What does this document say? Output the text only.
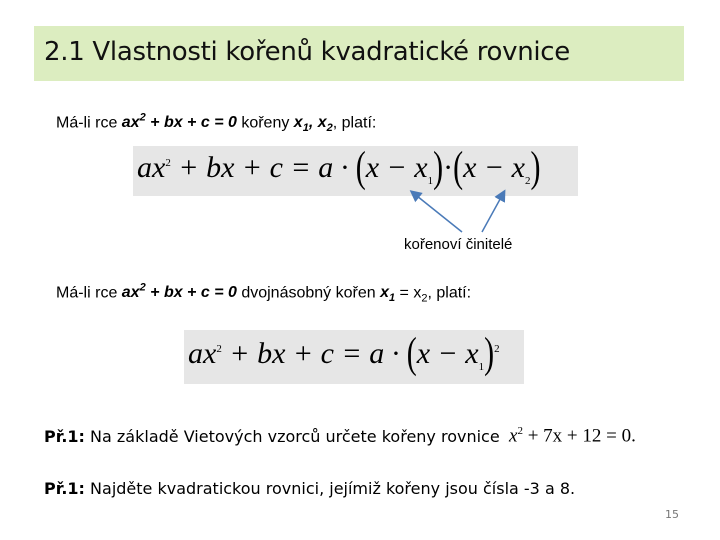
2.1 Vlastnosti kořenů kvadratické rovnice
Má-li rce $ax^2$ + bx + c = 0 kořeny $x_1$, $x_2$, platí:
$ax^2$ + bx + $c = a \cdot (x - x_1)\cdot(x - x_2)$
kořenoví činitelé
Má-li rce $ax^2$ + bx + c = 0 dvojnásobný kořen $x_1 = x_2$, platí:
$ax^2$ + bx + $c = a \cdot (x - x_1)^2$
Př.1: Na základě Vietových vzorců určete kořeny rovnice $x^2 + 7x + 12 = 0$.
Př.1: Najděte kvadratickou rovnici, jejímiž kořeny jsou čísla -3 a 8.
15
